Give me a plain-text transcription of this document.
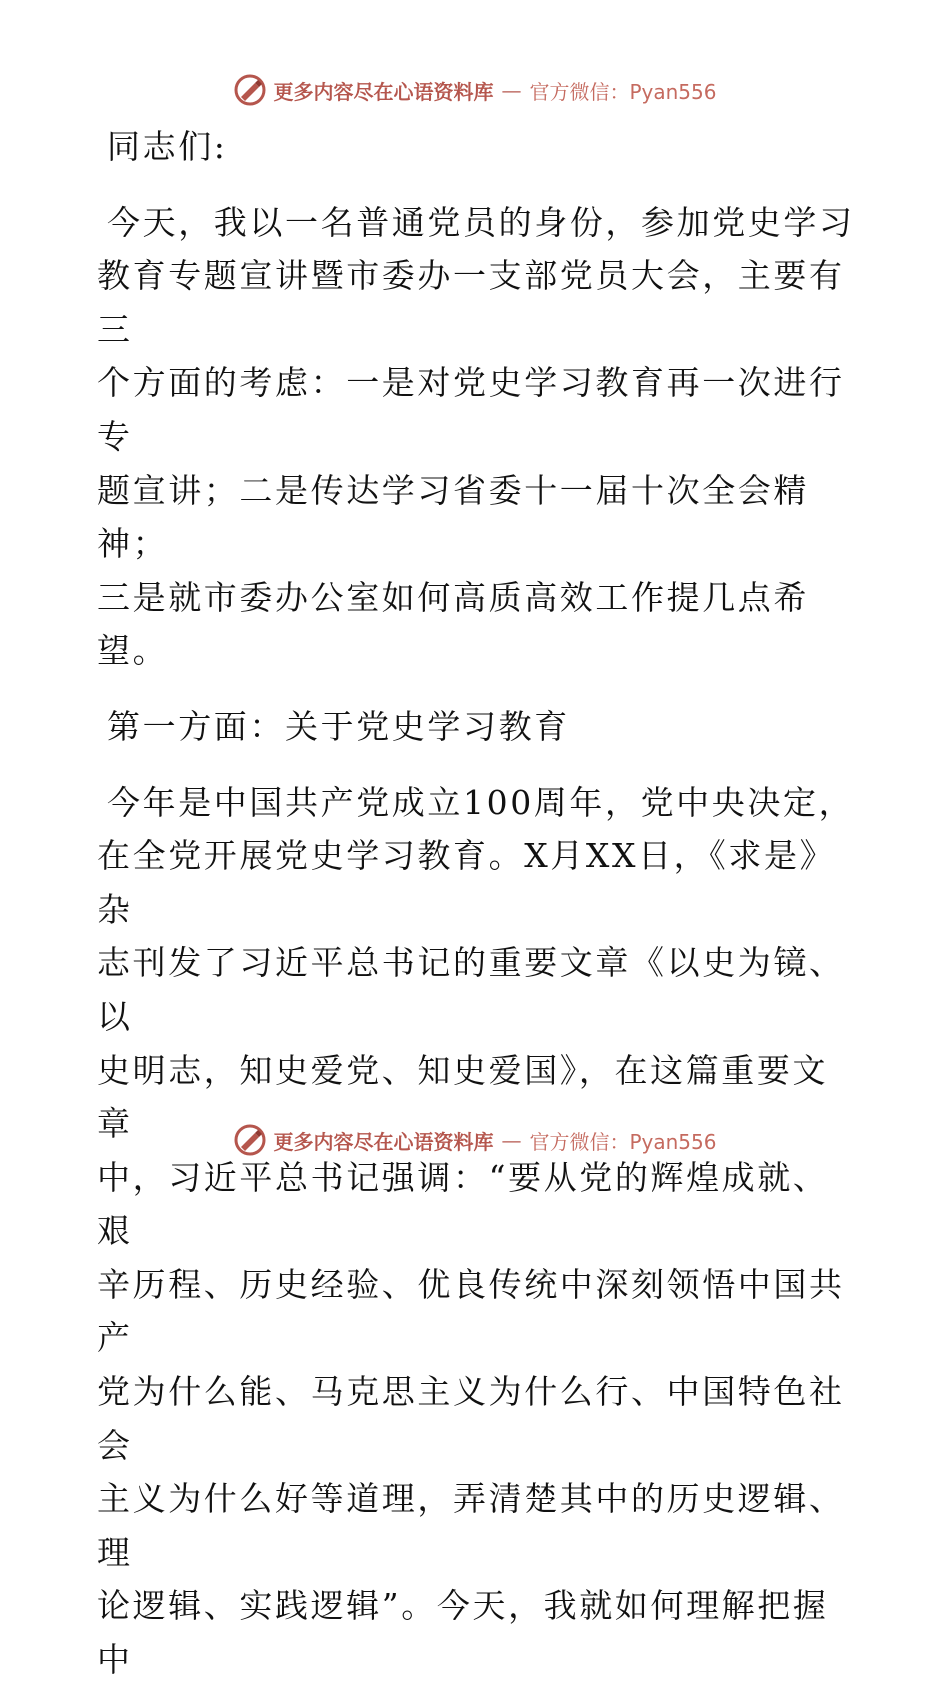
更多内容尽在心语资料库 — 官方微信：Pyan556

同志们:

今天，我以一名普通党员的身份，参加党史学习
教育专题宣讲暨市委办一支部党员大会，主要有三
个方面的考虑：一是对党史学习教育再一次进行专
题宣讲；二是传达学习省委十一届十次全会精神；
三是就市委办公室如何高质高效工作提几点希望。

第一方面：关于党史学习教育

今年是中国共产党成立100周年，党中央决定，
在全党开展党史学习教育。X月XX日，《求是》杂
志刊发了习近平总书记的重要文章《以史为镜、以
史明志，知史爱党、知史爱国》，在这篇重要文章
中，习近平总书记强调：“要从党的辉煌成就、艰
辛历程、历史经验、优良传统中深刻领悟中国共产
党为什么能、马克思主义为什么行、中国特色社会
主义为什么好等道理，弄清楚其中的历史逻辑、理
论逻辑、实践逻辑”。今天，我就如何理解把握中
更多内容尽在心语资料库 — 官方微信：Pyan556
